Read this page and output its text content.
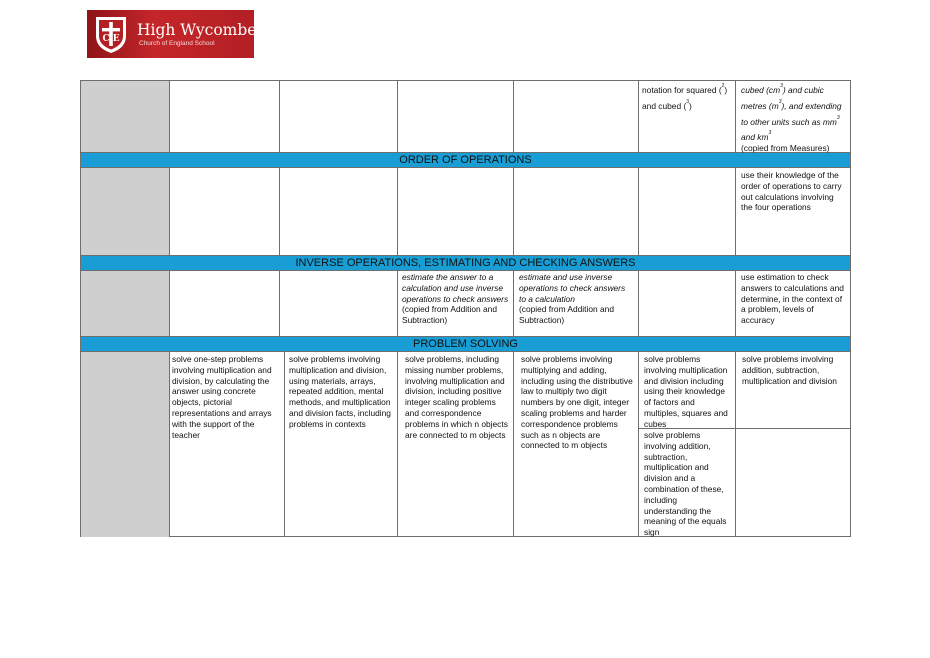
C E
High Wycombe
Church of England School
ORDER OF OPERATIONS
INVERSE OPERATIONS, ESTIMATING AND CHECKING ANSWERS
PROBLEM SOLVING
notation for squared ($^2$)
and cubed ($^3$)
cubed $(cm^3)$ and cubic
metres $(m^3)$, and extending
to other units such as $mm^3$
and $km^3$
(copied from Measures)
use their knowledge of the order of operations to carry out calculations involving the four operations
estimate the answer to a calculation and use inverse operations to check answers
(copied from Addition and Subtraction)
estimate and use inverse operations to check answers to a calculation
(copied from Addition and Subtraction)
use estimation to check answers to calculations and determine, in the context of a problem, levels of accuracy
solve one-step problems involving multiplication and division, by calculating the answer using concrete objects, pictorial representations and arrays with the support of the teacher
solve problems involving multiplication and division, using materials, arrays, repeated addition, mental methods, and multiplication and division facts, including problems in contexts
solve problems, including missing number problems, involving multiplication and division, including positive integer scaling problems and correspondence problems in which n objects are connected to m objects
solve problems involving multiplying and adding, including using the distributive law to multiply two digit numbers by one digit, integer scaling problems and harder correspondence problems such as n objects are connected to m objects
solve problems involving multiplication and division including using their knowledge of factors and multiples, squares and cubes
solve problems involving addition, subtraction, multiplication and division and a combination of these, including understanding the meaning of the equals sign
solve problems involving addition, subtraction, multiplication and division
